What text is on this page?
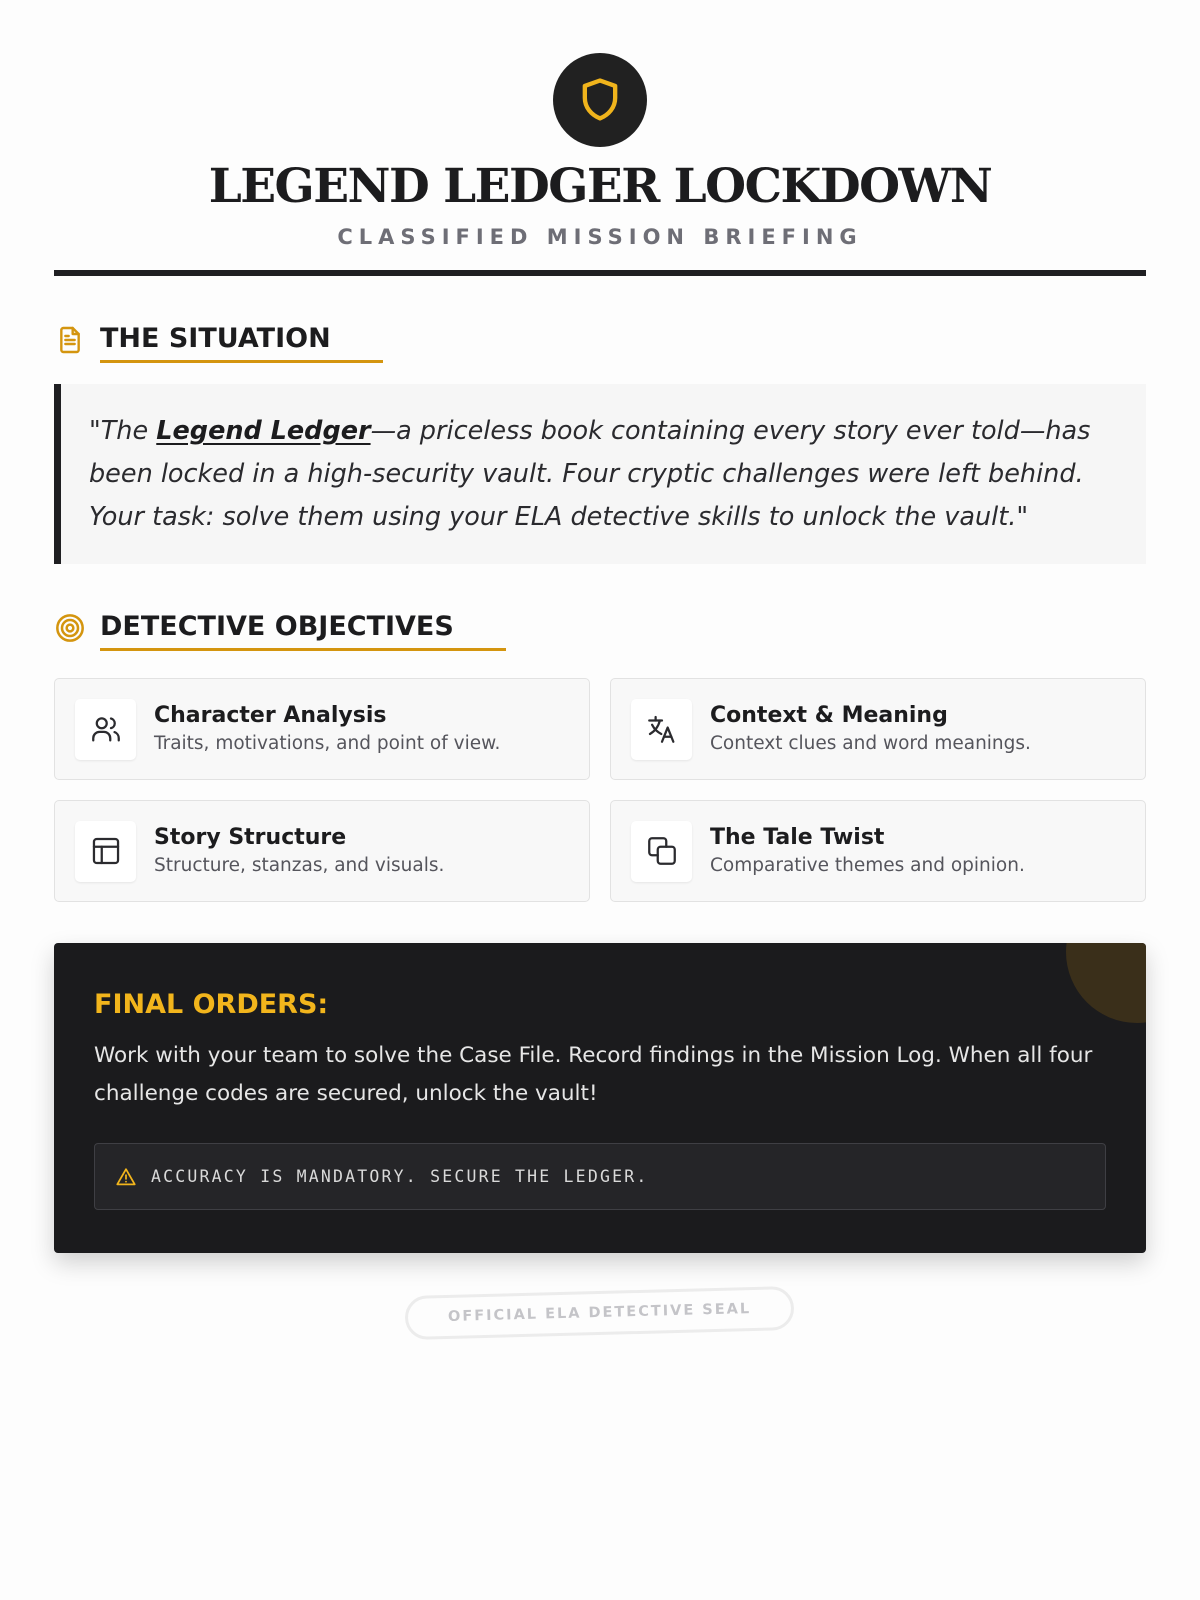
LEGEND LEDGER LOCKDOWN
CLASSIFIED MISSION BRIEFING
THE SITUATION

"The Legend Ledger—a priceless book containing every story ever told—has been locked in a high-security vault. Four cryptic challenges were left behind. Your task: solve them using your ELA detective skills to unlock the vault."

DETECTIVE OBJECTIVES
Character Analysis
Traits, motivations, and point of view.
Context & Meaning
Context clues and word meanings.
Story Structure
Structure, stanzas, and visuals.
The Tale Twist
Comparative themes and opinion.
FINAL ORDERS:

Work with your team to solve the Case File. Record findings in the Mission Log. When all four challenge codes are secured, unlock the vault!

ACCURACY IS MANDATORY. SECURE THE LEDGER.
OFFICIAL ELA DETECTIVE SEAL
